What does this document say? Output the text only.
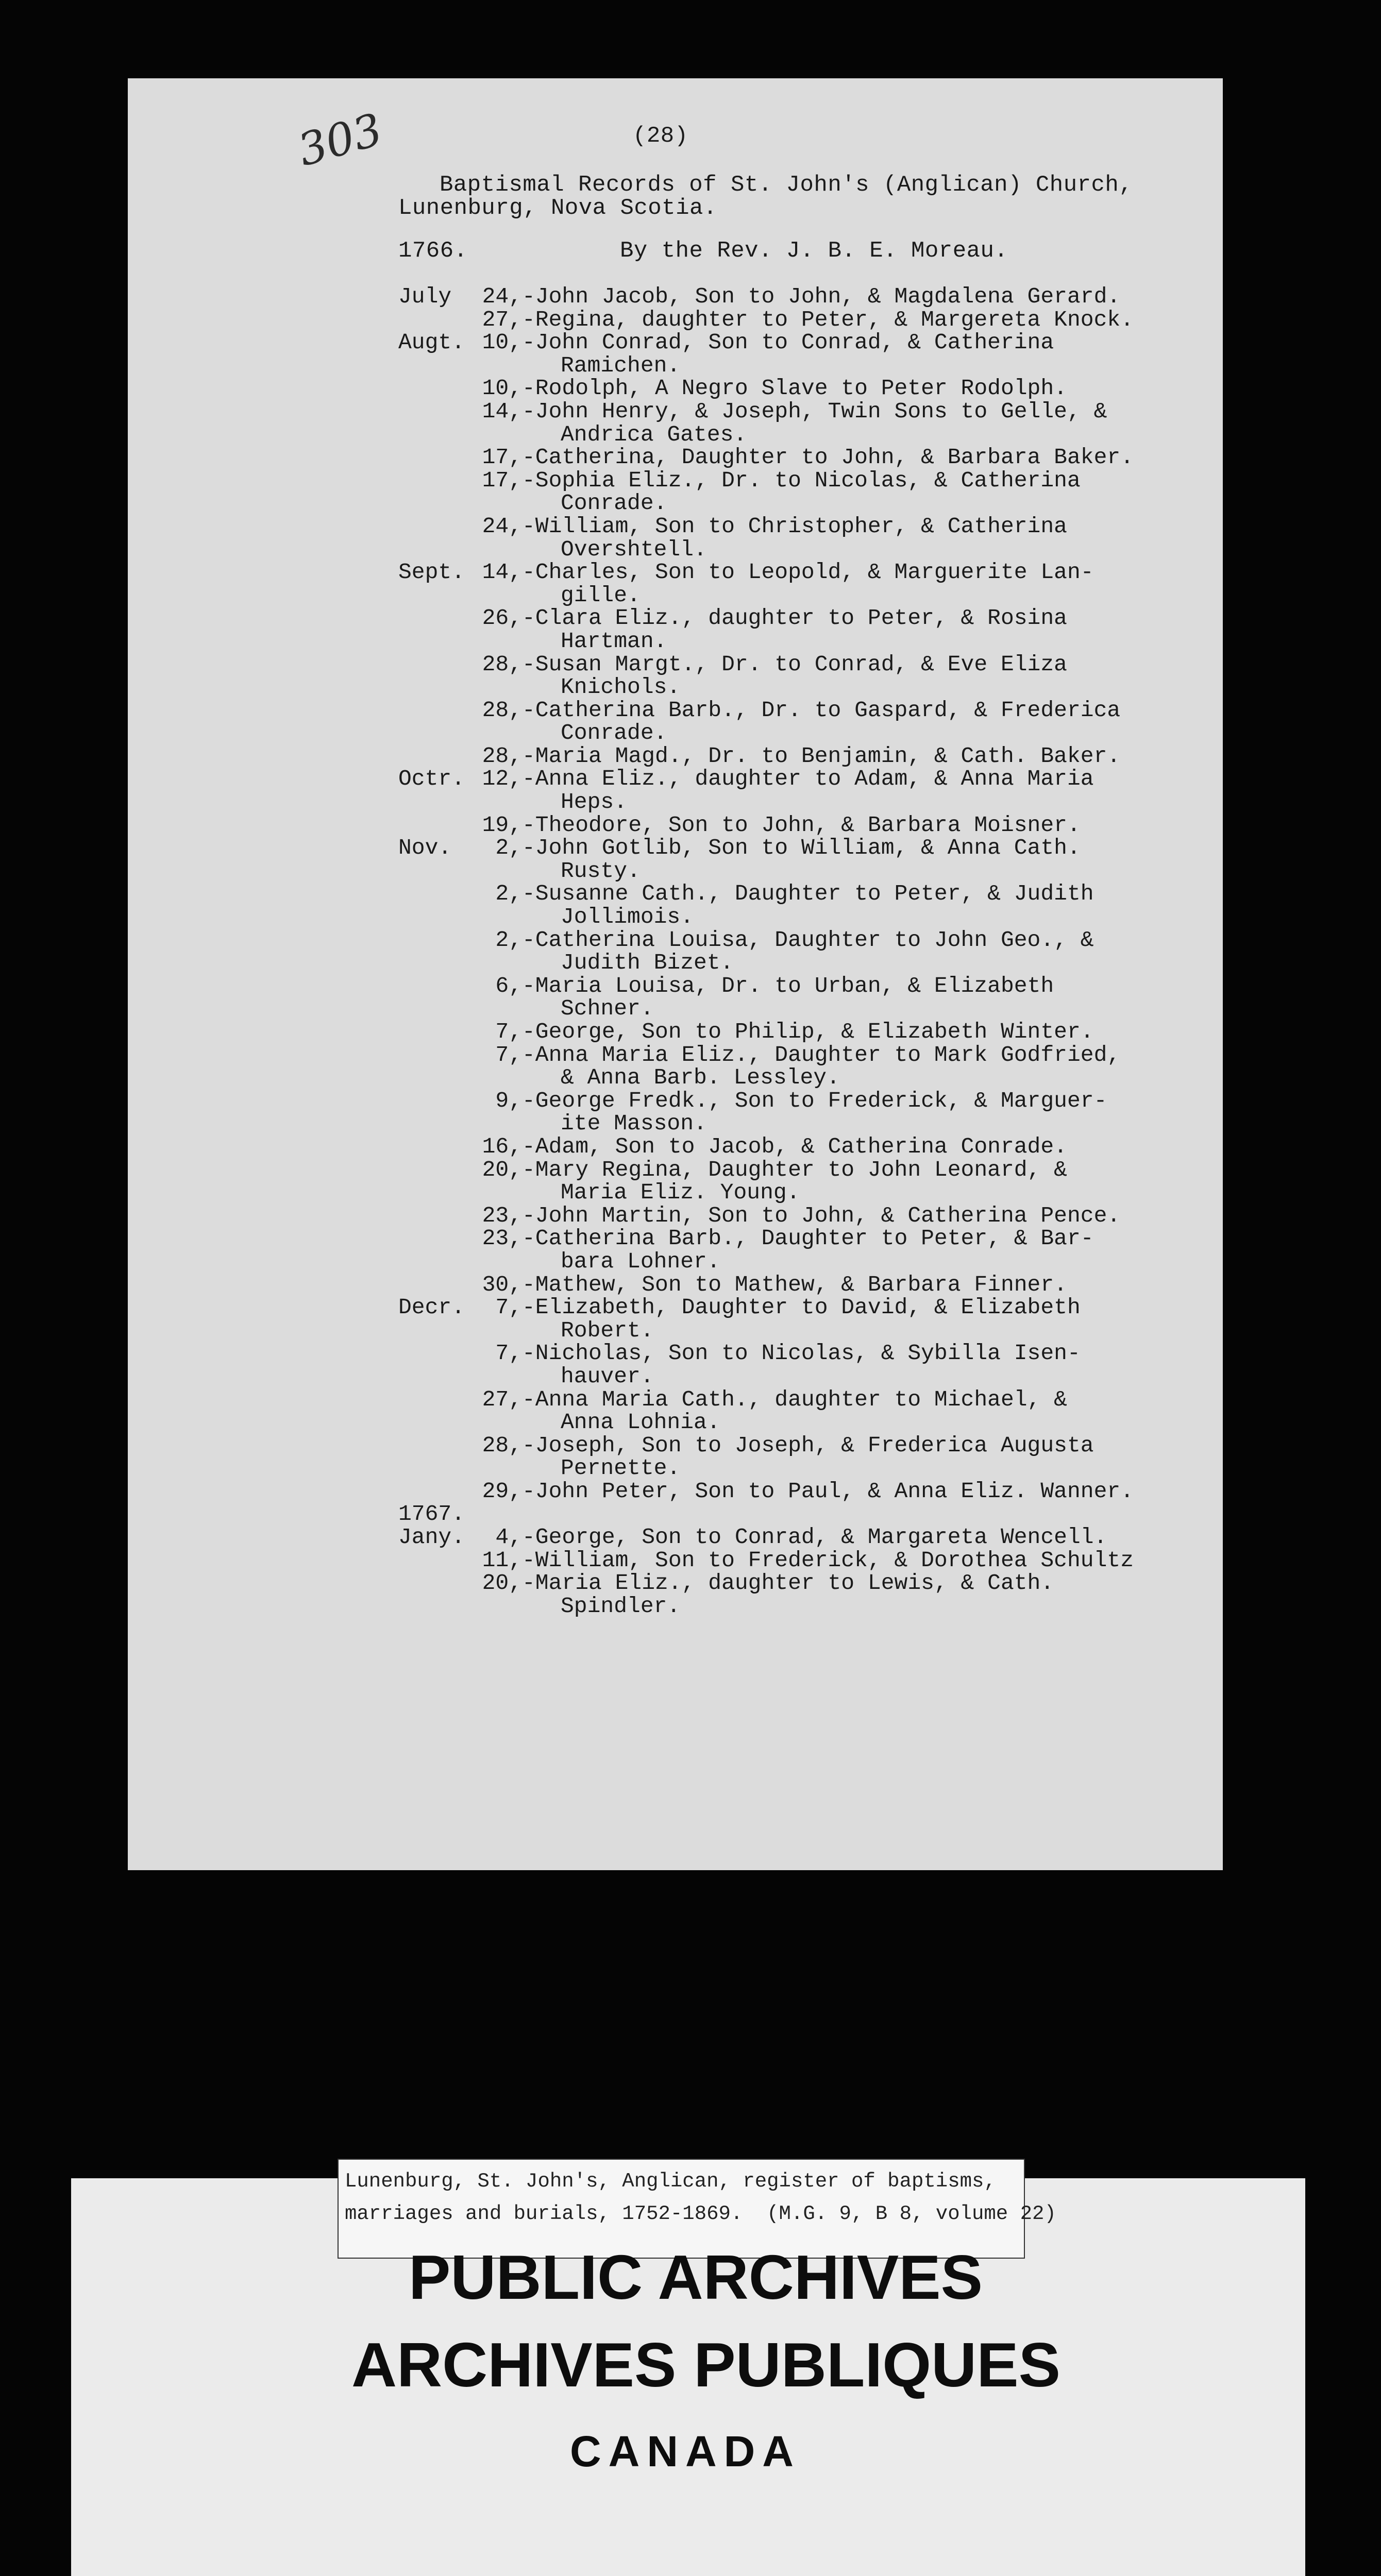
303	(28)
Baptismal Records of St. John's (Anglican) Church,
Lunenburg, Nova Scotia.
1766.	By the Rev. J. B. E. Moreau.
July	24, -John Jacob, Son to John, & Magdalena Gerard.
27, -Regina, daughter to Peter, & Margereta Knock.
Augt. 10, -John Conrad, Son to Conrad, & Catherina
Ramichen.
10, -Rodolph, A Negro Slave to Peter Rodolph.
14, -John Henry, & Joseph, Twin Sons to Gelle, &
Andrica Gates.
17, -Catherina, Daughter to John, & Barbara Baker.
17, -Sophia Eliz., Dr. to Nicolas, & Catherina
Conrade.
24, -William, Son to Christopher, & Catherina
Overshtell.
Sept. 14, -Charles, Son to Leopold, & Marguerite Lan-
gille.
26, -Clara Eliz., daughter to Peter, & Rosina
Hartman.
28, -Susan Margt., Dr. to Conrad, & Eve Eliza
Knichols.
28, -Catherina Barb., Dr. to Gaspard, & Frederica
Conrade.
28, -Maria Magd., Dr. to Benjamin, & Cath. Baker.
Octr. 12, -Anna Eliz., daughter to Adam, & Anna Maria
Heps.
19, -Theodore, Son to John, & Barbara Moisner.
Nov.	2, -John Gotlib, Son to William, & Anna Cath.
Rusty.
2, -Susanne Cath., Daughter to Peter, & Judith
Jollimois.
2, -Catherina Louisa, Daughter to John Geo., &
Judith Bizet.
6, -Maria Louisa, Dr. to Urban, & Elizabeth
Schner.
7, -George, Son to Philip, & Elizabeth Winter.
7, -Anna Maria Eliz., Daughter to Mark Godfried,
& Anna Barb. Lessley.
9, -George Fredk., Son to Frederick, & Marguer-
ite Masson.
16, -Adam, Son to Jacob, & Catherina Conrade.
20, -Mary Regina, Daughter to John Leonard, &
Maria Eliz. Young.
23, -John Martin, Son to John, & Catherina Pence.
23, -Catherina Barb., Daughter to Peter, & Bar-
bara Lohner.
30, -Mathew, Son to Mathew, & Barbara Finner.
Decr.	7, -Elizabeth, Daughter to David, & Elizabeth
Robert.
7, -Nicholas, Son to Nicolas, & Sybilla Isen-
hauver.
27, -Anna Maria Cath., daughter to Michael, &
Anna Lohnia.
28, -Joseph, Son to Joseph, & Frederica Augusta
Pernette.
29, -John Peter, Son to Paul, & Anna Eliz. Wanner.
1767.
Jany.	4, -George, Son to Conrad, & Margareta Wencell.
11, -William, Son to Frederick, & Dorothea Schultz
20, -Maria Eliz., daughter to Lewis, & Cath.
Spindler.
Lunenburg, St. John's, Anglican, register of baptisms,
marriages and burials, 1752-1869.  (M.G. 9, B 8, volume 22)
PUBLIC ARCHIVES
ARCHIVES PUBLIQUES
CANADA
